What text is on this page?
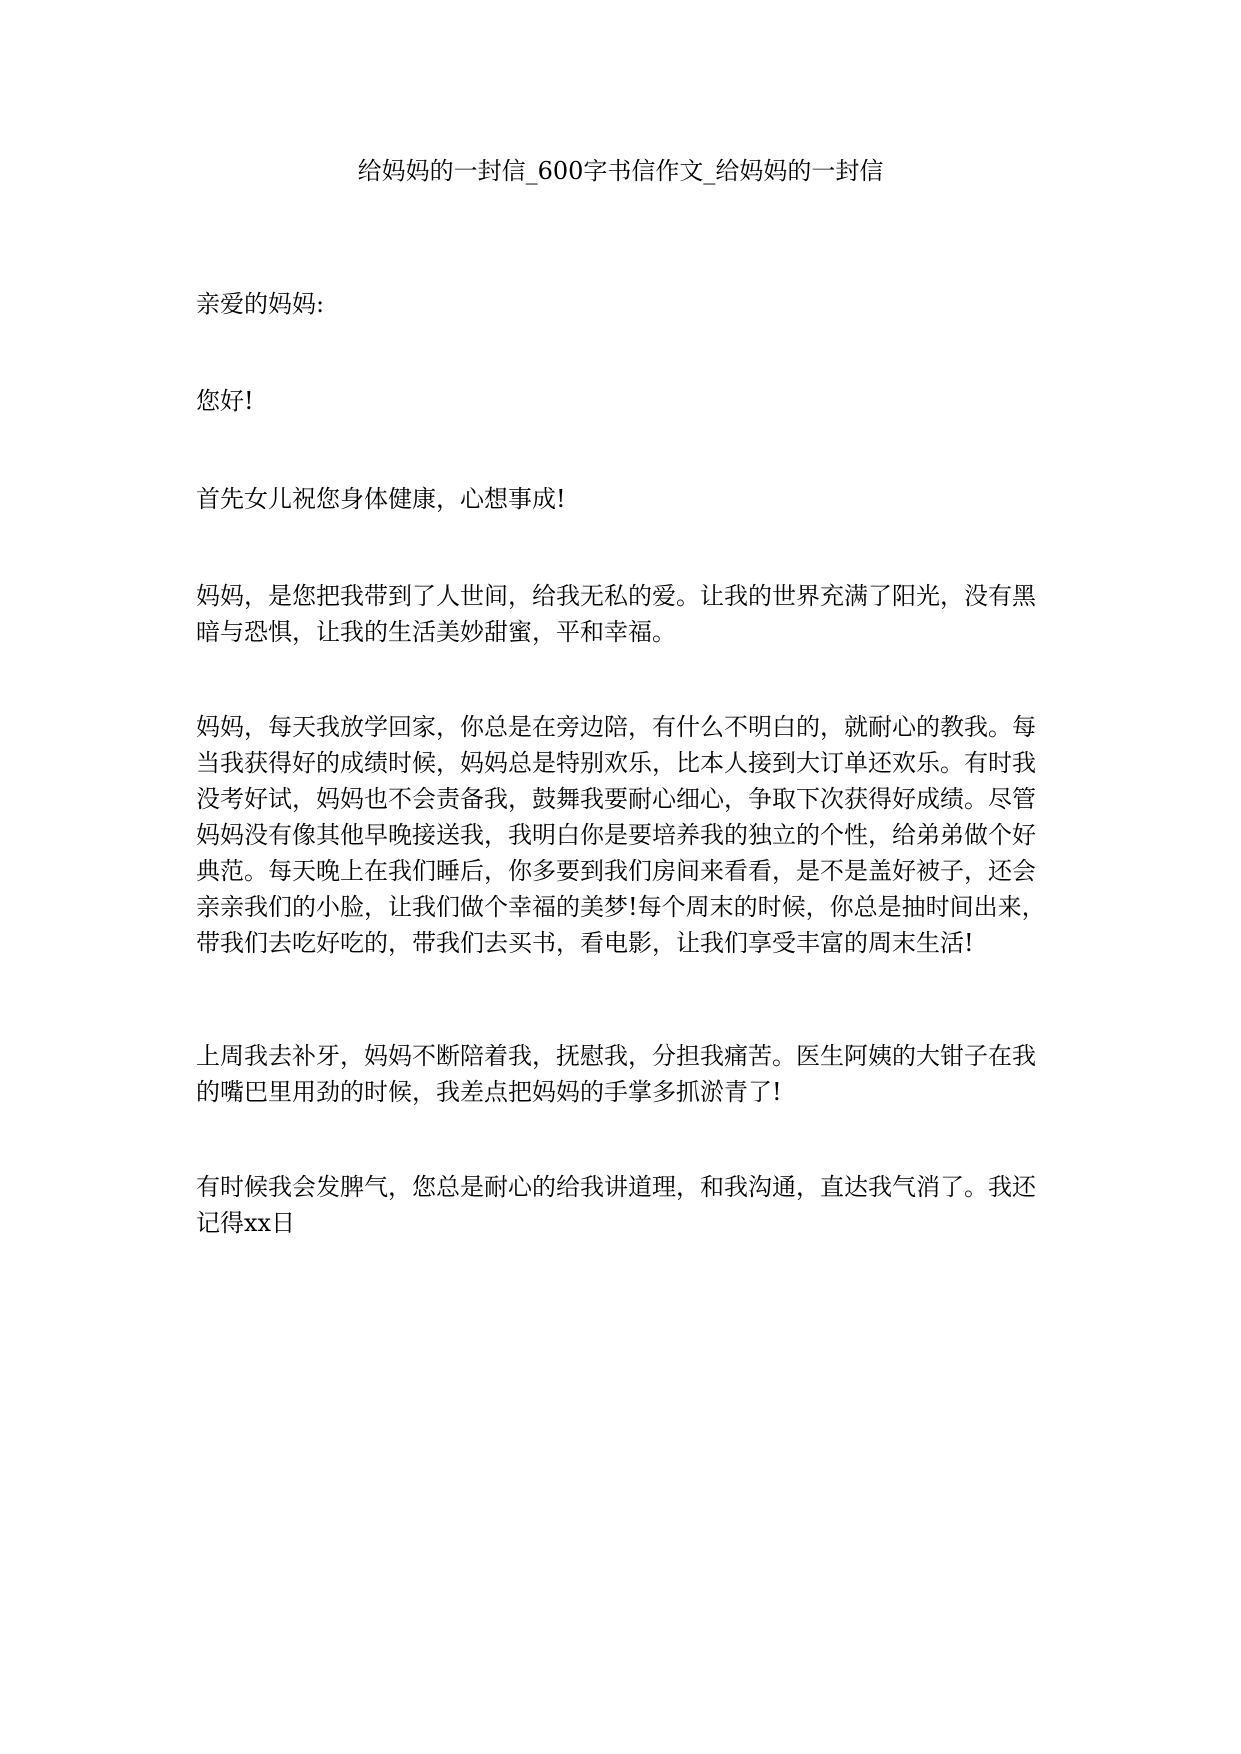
给妈妈的一封信_600字书信作文_给妈妈的一封信

亲爱的妈妈:

您好!

首先女儿祝您身体健康，心想事成!

妈妈，是您把我带到了人世间，给我无私的爱。让我的世界充满了阳光，没有黑暗与恐惧，让我的生活美妙甜蜜，平和幸福。

妈妈，每天我放学回家，你总是在旁边陪，有什么不明白的，就耐心的教我。每当我获得好的成绩时候，妈妈总是特别欢乐，比本人接到大订单还欢乐。有时我没考好试，妈妈也不会责备我，鼓舞我要耐心细心，争取下次获得好成绩。尽管妈妈没有像其他早晚接送我，我明白你是要培养我的独立的个性，给弟弟做个好典范。每天晚上在我们睡后，你多要到我们房间来看看，是不是盖好被子，还会亲亲我们的小脸，让我们做个幸福的美梦!每个周末的时候，你总是抽时间出来，带我们去吃好吃的，带我们去买书，看电影，让我们享受丰富的周末生活!

上周我去补牙，妈妈不断陪着我，抚慰我，分担我痛苦。医生阿姨的大钳子在我的嘴巴里用劲的时候，我差点把妈妈的手掌多抓淤青了!

有时候我会发脾气，您总是耐心的给我讲道理，和我沟通，直达我气消了。我还记得xx日
